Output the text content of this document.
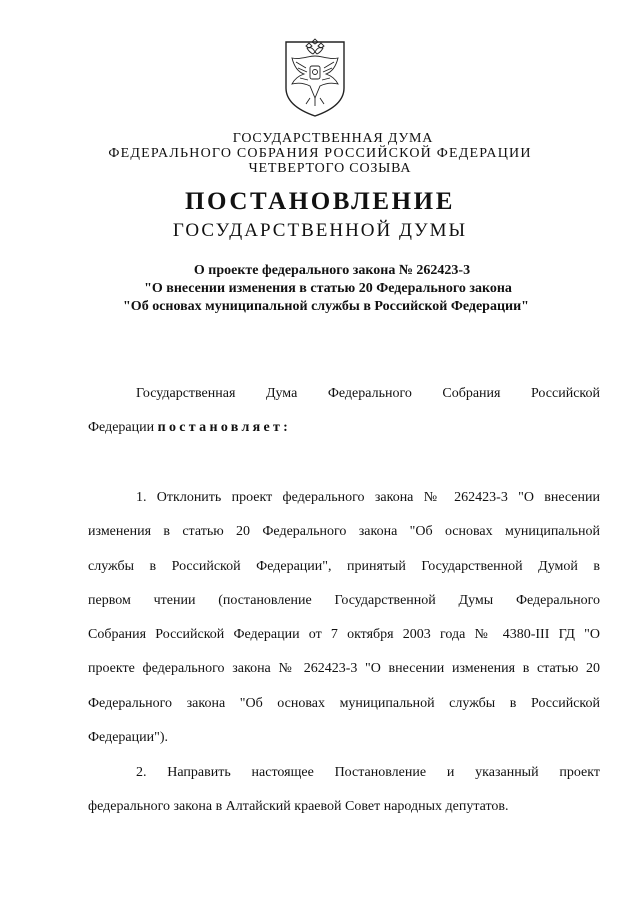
ГОСУДАРСТВЕННАЯ ДУМА
ФЕДЕРАЛЬНОГО СОБРАНИЯ РОССИЙСКОЙ ФЕДЕРАЦИИ
ЧЕТВЕРТОГО СОЗЫВА
ПОСТАНОВЛЕНИЕ
ГОСУДАРСТВЕННОЙ ДУМЫ
О проекте федерального закона № 262423-3
"О внесении изменения в статью 20 Федерального закона
"Об основах муниципальной службы в Российской Федерации"
Государственная Дума Федерального Собрания Российской
Федерации постановляет:
1. Отклонить проект федерального закона № 262423-3 "О внесении
изменения в статью 20 Федерального закона "Об основах муниципальной
службы в Российской Федерации", принятый Государственной Думой в
первом чтении (постановление Государственной Думы Федерального
Собрания Российской Федерации от 7 октября 2003 года № 4380-III ГД "О
проекте федерального закона № 262423-3 "О внесении изменения в статью 20
Федерального закона "Об основах муниципальной службы в Российской
Федерации").
2. Направить настоящее Постановление и указанный проект
федерального закона в Алтайский краевой Совет народных депутатов.
